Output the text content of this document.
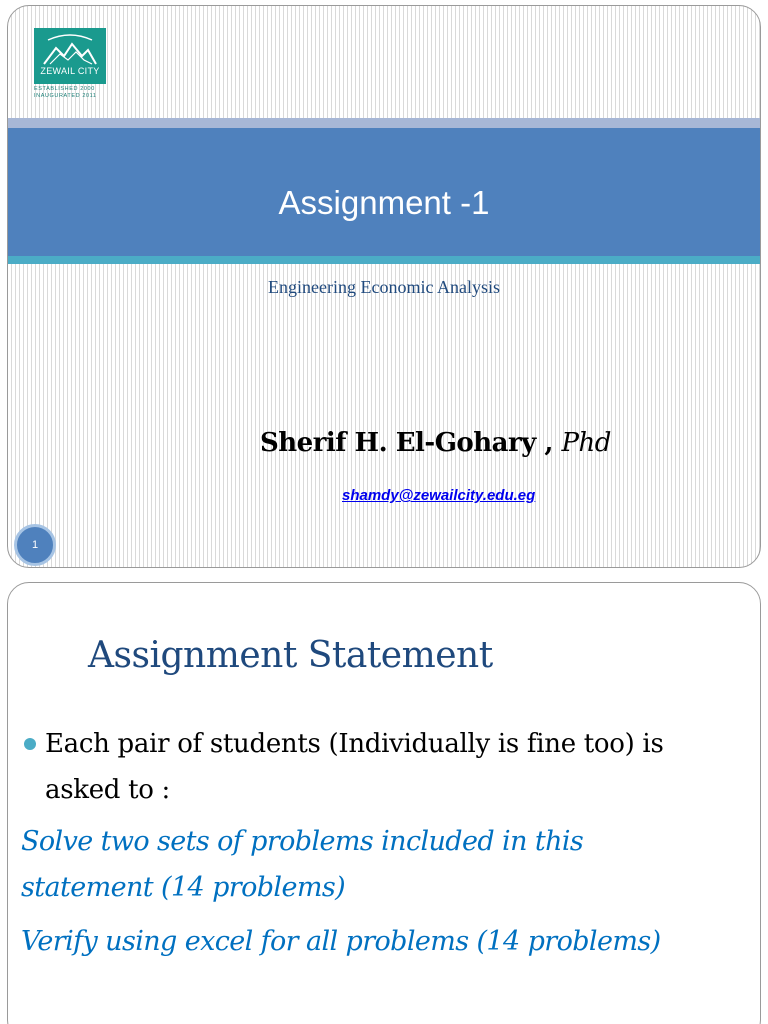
ZEWAIL CITY
ESTABLISHED 2000
INAUGURATED 2011
Assignment -1
Engineering Economic Analysis
Sherif H. El-Gohary , Phd
shamdy@zewailcity.edu.eg
1
Assignment Statement
Each pair of students (Individually is fine too) is asked to :
Solve two sets of problems included in this statement (14 problems)
Verify using excel for all problems (14 problems)
